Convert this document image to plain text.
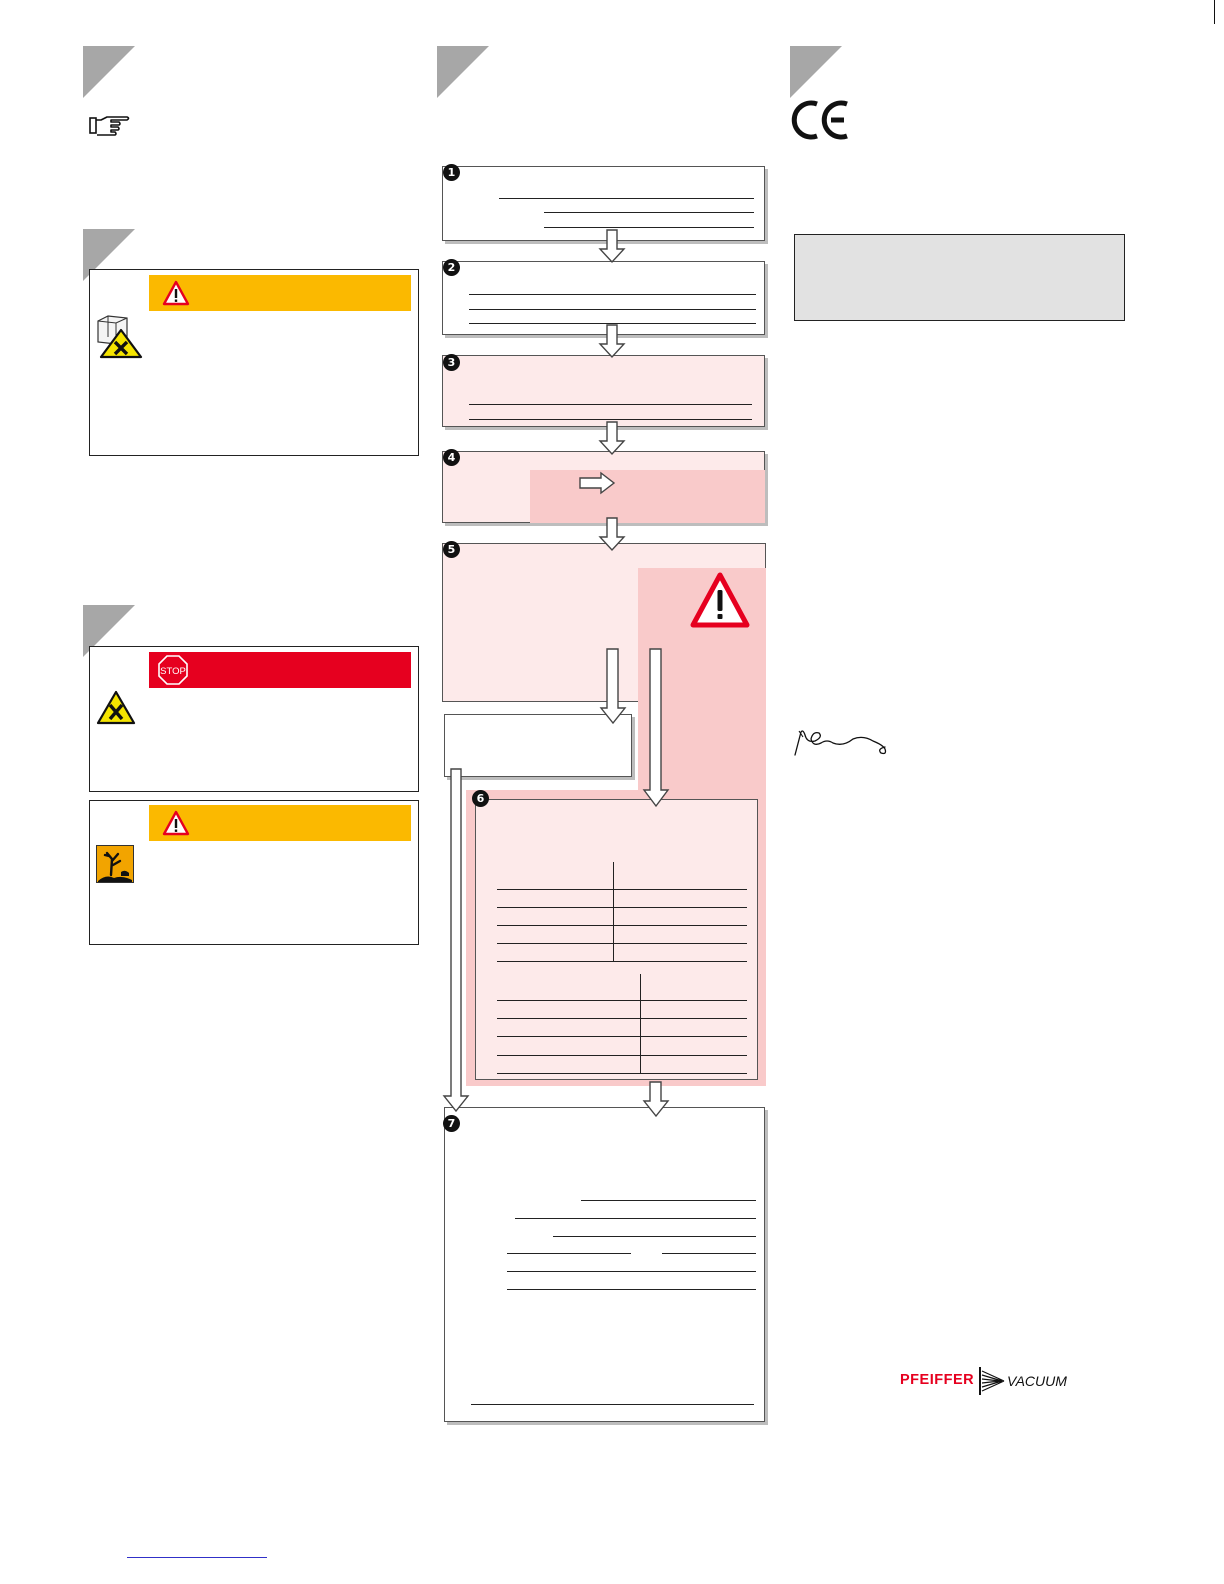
STOP
1
2
3
4
5
6
7
PFEIFFER VACUUM
